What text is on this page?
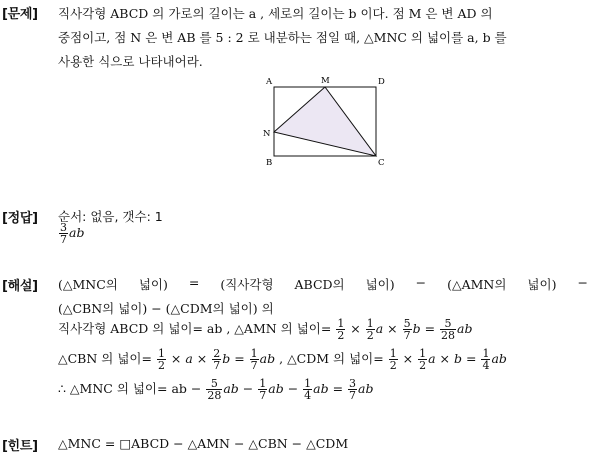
[문제] 직사각형 ABCD 의 가로의 길이는 a , 세로의 길이는 b 이다. 점 M 은 변 AD 의
중점이고, 점 N 은 변 AB 를 5 : 2 로 내분하는 점일 때, △MNC 의 넓이를 a, b 를
사용한 식으로 나타내어라.
A	M	D
N
B	C
[정답] 순서: 없음, 갯수: 1
$\frac{3}{7}$ ab
[해설] (△MNC의 넓이) = (직사각형 ABCD의 넓이) − (△AMN의 넓이) −
(△CBN의 넓이) − (△CDM의 넓이) 의
직사각형 ABCD 의 넓이= ab , △AMN 의 넓이= $\frac{1}{2} \times \frac{1}{2}$ $a \times \frac{5}{7}$ $b = \frac{5}{28}$ ab
△CBN 의 넓이= $\frac{1}{2} \times a \times \frac{2}{7}$ $b = \frac{1}{7}$ ab , △CDM 의 넓이= $\frac{1}{2} \times \frac{1}{2}$ $a \times b = \frac{1}{4}$ ab
∴ △MNC 의 넓이= ab − $\frac{5}{28}$ ab − $\frac{1}{7}$ ab − $\frac{1}{4}$ ab = $\frac{3}{7}$ ab
[힌트] △MNC = □ABCD − △AMN − △CBN − △CDM
